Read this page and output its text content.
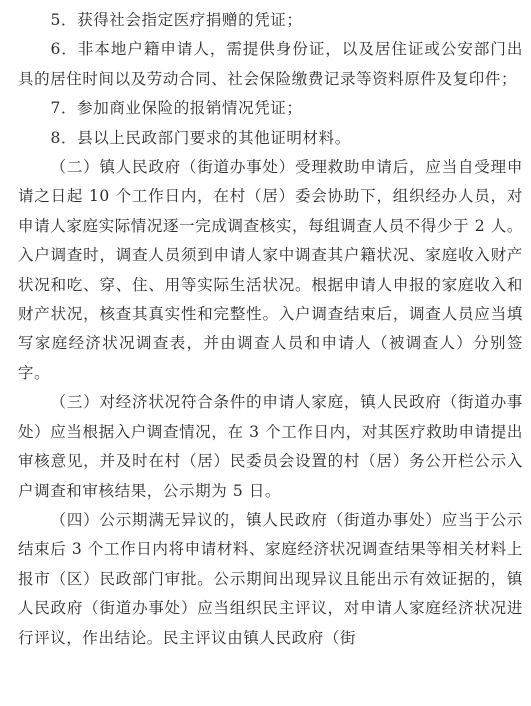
5．获得社会指定医疗捐赠的凭证；

6．非本地户籍申请人，需提供身份证，以及居住证或公安部门出具的居住时间以及劳动合同、社会保险缴费记录等资料原件及复印件；

7．参加商业保险的报销情况凭证；

8．县以上民政部门要求的其他证明材料。

（二）镇人民政府（街道办事处）受理救助申请后，应当自受理申请之日起 10 个工作日内，在村（居）委会协助下，组织经办人员，对申请人家庭实际情况逐一完成调查核实，每组调查人员不得少于 2 人。入户调查时，调查人员须到申请人家中调查其户籍状况、家庭收入财产状况和吃、穿、住、用等实际生活状况。根据申请人申报的家庭收入和财产状况，核查其真实性和完整性。入户调查结束后，调查人员应当填写家庭经济状况调查表，并由调查人员和申请人（被调查人）分别签字。

（三）对经济状况符合条件的申请人家庭，镇人民政府（街道办事处）应当根据入户调查情况，在 3 个工作日内，对其医疗救助申请提出审核意见，并及时在村（居）民委员会设置的村（居）务公开栏公示入户调查和审核结果，公示期为 5 日。

（四）公示期满无异议的，镇人民政府（街道办事处）应当于公示结束后 3 个工作日内将申请材料、家庭经济状况调查结果等相关材料上报市（区）民政部门审批。公示期间出现异议且能出示有效证据的，镇人民政府（街道办事处）应当组织民主评议，对申请人家庭经济状况进行评议，作出结论。民主评议由镇人民政府（街
